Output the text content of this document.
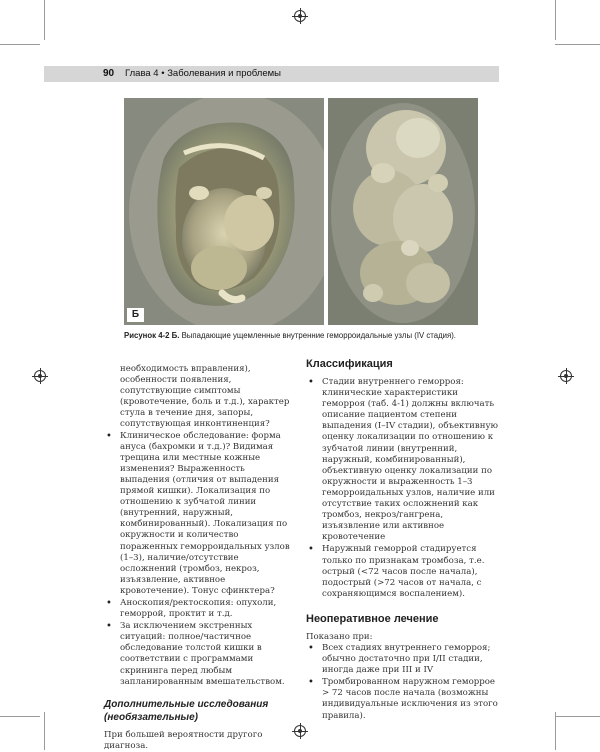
90 Глава 4 • Заболевания и проблемы
Б
Рисунок 4-2 Б. Выпадающие ущемленные внутренние геморроидальные узлы (IV стадия).

необходимость вправления), особенности появления, сопутствующие симптомы (кровотечение, боль и т.д.), характер стула в течение дня, запоры, сопутствующая инконтиненция?

• Клиническое обследование: форма ануса (бахромки и т.д.)? Видимая трещина или местные кожные изменения? Выраженность выпадения (отличия от выпадения прямой кишки). Локализация по отношению к зубчатой линии (внутренний, наружный, комбинированный). Локализация по окружности и количество пораженных геморроидальных узлов (1–3), наличие/отсутствие осложнений (тромбоз, некроз, изъязвление, активное кровотечение). Тонус сфинктера?
• Аноскопия/ректоскопия: опухоли, геморрой, проктит и т.д.
• За исключением экстренных ситуаций: полное/частичное обследование толстой кишки в соответствии с программами скрининга перед любым запланированным вмешательством.
Дополнительные исследования (необязательные)

При большей вероятности другого диагноза.

Классификация
• Стадии внутреннего геморроя: клинические характеристики геморроя (таб. 4-1) должны включать описание пациентом степени выпадения (I–IV стадии), объективную оценку локализации по отношению к зубчатой линии (внутренний, наружный, комбинированный), объективную оценку локализации по окружности и выраженность 1–3 геморроидальных узлов, наличие или отсутствие таких осложнений как тромбоз, некроз/гангрена, изъязвление или активное кровотечение
• Наружный геморрой стадируется только по признакам тромбоза, т.е. острый (<72 часов после начала), подострый (>72 часов от начала, с сохраняющимся воспалением).
Неоперативное лечение

Показано при:

• Всех стадиях внутреннего геморроя; обычно достаточно при I/II стадии, иногда даже при III и IV
• Тромбированном наружном геморрое > 72 часов после начала (возможны индивидуальные исключения из этого правила).
